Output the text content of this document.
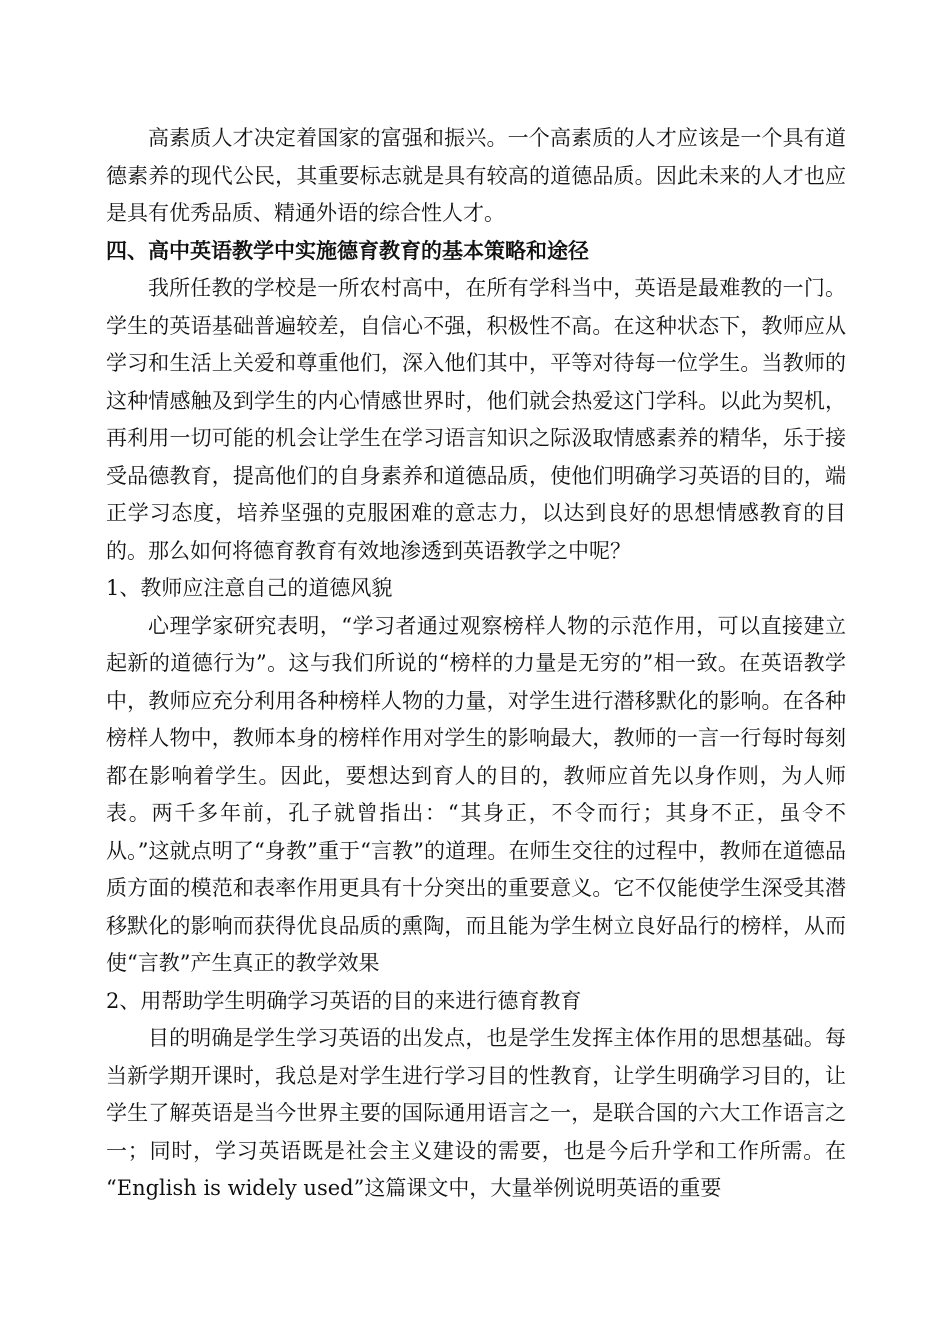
高素质人才决定着国家的富强和振兴。一个高素质的人才应该是一个具有道德素养的现代公民，其重要标志就是具有较高的道德品质。因此未来的人才也应是具有优秀品质、精通外语的综合性人才。

四、高中英语教学中实施德育教育的基本策略和途径

我所任教的学校是一所农村高中，在所有学科当中，英语是最难教的一门。学生的英语基础普遍较差，自信心不强，积极性不高。在这种状态下，教师应从学习和生活上关爱和尊重他们，深入他们其中，平等对待每一位学生。当教师的这种情感触及到学生的内心情感世界时，他们就会热爱这门学科。以此为契机，再利用一切可能的机会让学生在学习语言知识之际汲取情感素养的精华，乐于接受品德教育，提高他们的自身素养和道德品质，使他们明确学习英语的目的，端正学习态度，培养坚强的克服困难的意志力，以达到良好的思想情感教育的目的。那么如何将德育教育有效地渗透到英语教学之中呢？

1、教师应注意自己的道德风貌

心理学家研究表明，“学习者通过观察榜样人物的示范作用，可以直接建立起新的道德行为”。这与我们所说的“榜样的力量是无穷的”相一致。在英语教学中，教师应充分利用各种榜样人物的力量，对学生进行潜移默化的影响。在各种榜样人物中，教师本身的榜样作用对学生的影响最大，教师的一言一行每时每刻都在影响着学生。因此，要想达到育人的目的，教师应首先以身作则，为人师表。两千多年前，孔子就曾指出：“其身正，不令而行；其身不正，虽令不从。”这就点明了“身教”重于“言教”的道理。在师生交往的过程中，教师在道德品质方面的模范和表率作用更具有十分突出的重要意义。它不仅能使学生深受其潜移默化的影响而获得优良品质的熏陶，而且能为学生树立良好品行的榜样，从而使“言教”产生真正的教学效果

2、用帮助学生明确学习英语的目的来进行德育教育

目的明确是学生学习英语的出发点，也是学生发挥主体作用的思想基础。每当新学期开课时，我总是对学生进行学习目的性教育，让学生明确学习目的，让学生了解英语是当今世界主要的国际通用语言之一，是联合国的六大工作语言之一；同时，学习英语既是社会主义建设的需要，也是今后升学和工作所需。在 “English is widely used”这篇课文中，大量举例说明英语的重要
